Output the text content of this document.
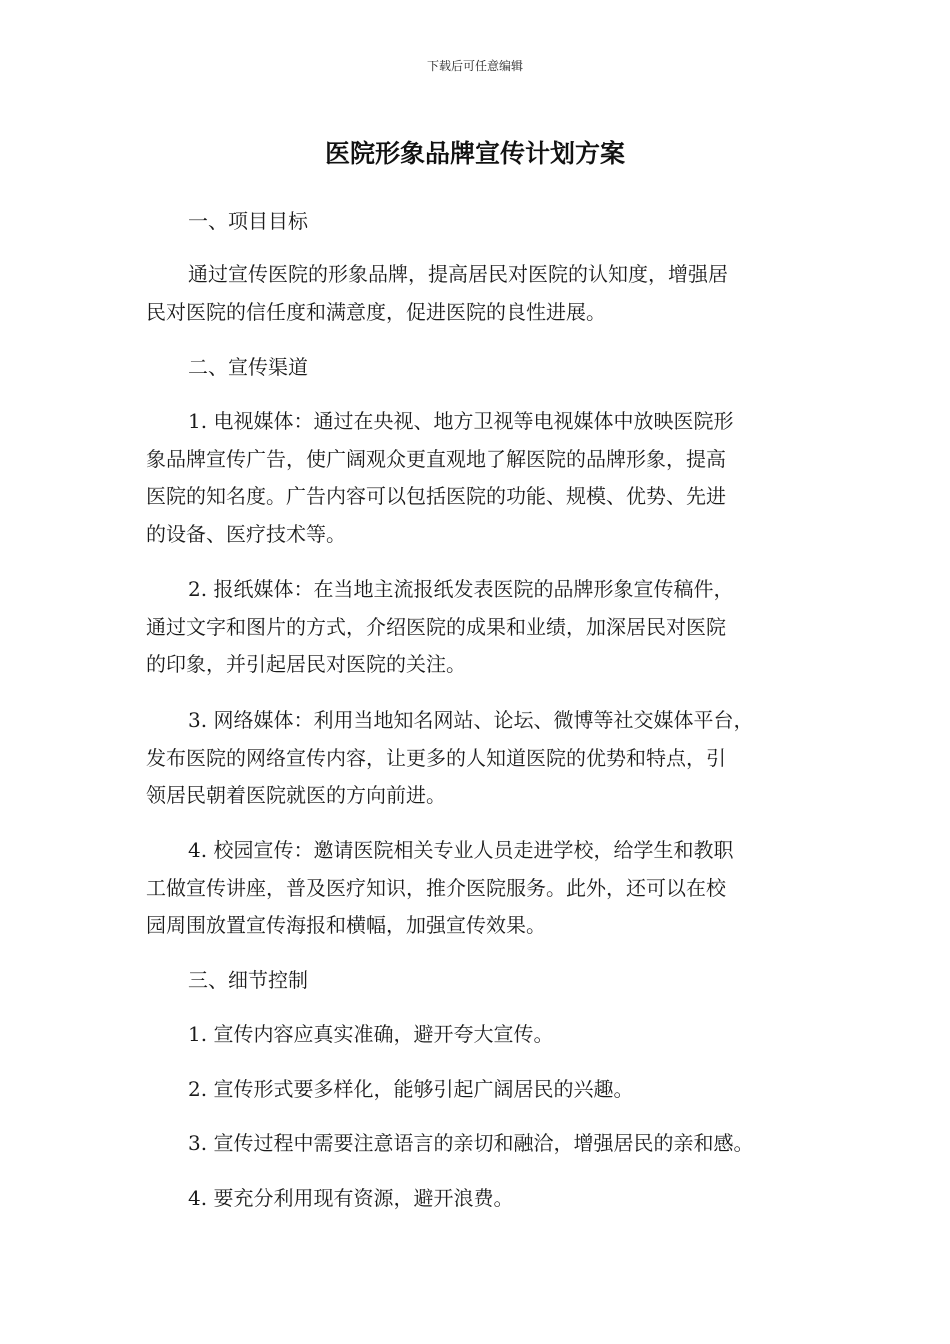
下载后可任意编辑
医院形象品牌宣传计划方案

一、项目目标

通过宣传医院的形象品牌，提高居民对医院的认知度，增强居

民对医院的信任度和满意度，促进医院的良性进展。

二、宣传渠道

1. 电视媒体：通过在央视、地方卫视等电视媒体中放映医院形

象品牌宣传广告，使广阔观众更直观地了解医院的品牌形象，提高
医院的知名度。广告内容可以包括医院的功能、规模、优势、先进
的设备、医疗技术等。

2. 报纸媒体：在当地主流报纸发表医院的品牌形象宣传稿件，

通过文字和图片的方式，介绍医院的成果和业绩，加深居民对医院
的印象，并引起居民对医院的关注。

3. 网络媒体：利用当地知名网站、论坛、微博等社交媒体平台，

发布医院的网络宣传内容，让更多的人知道医院的优势和特点，引
领居民朝着医院就医的方向前进。

4. 校园宣传：邀请医院相关专业人员走进学校，给学生和教职

工做宣传讲座，普及医疗知识，推介医院服务。此外，还可以在校
园周围放置宣传海报和横幅，加强宣传效果。

三、细节控制

1. 宣传内容应真实准确，避开夸大宣传。

2. 宣传形式要多样化，能够引起广阔居民的兴趣。

3. 宣传过程中需要注意语言的亲切和融洽，增强居民的亲和感。

4. 要充分利用现有资源，避开浪费。
